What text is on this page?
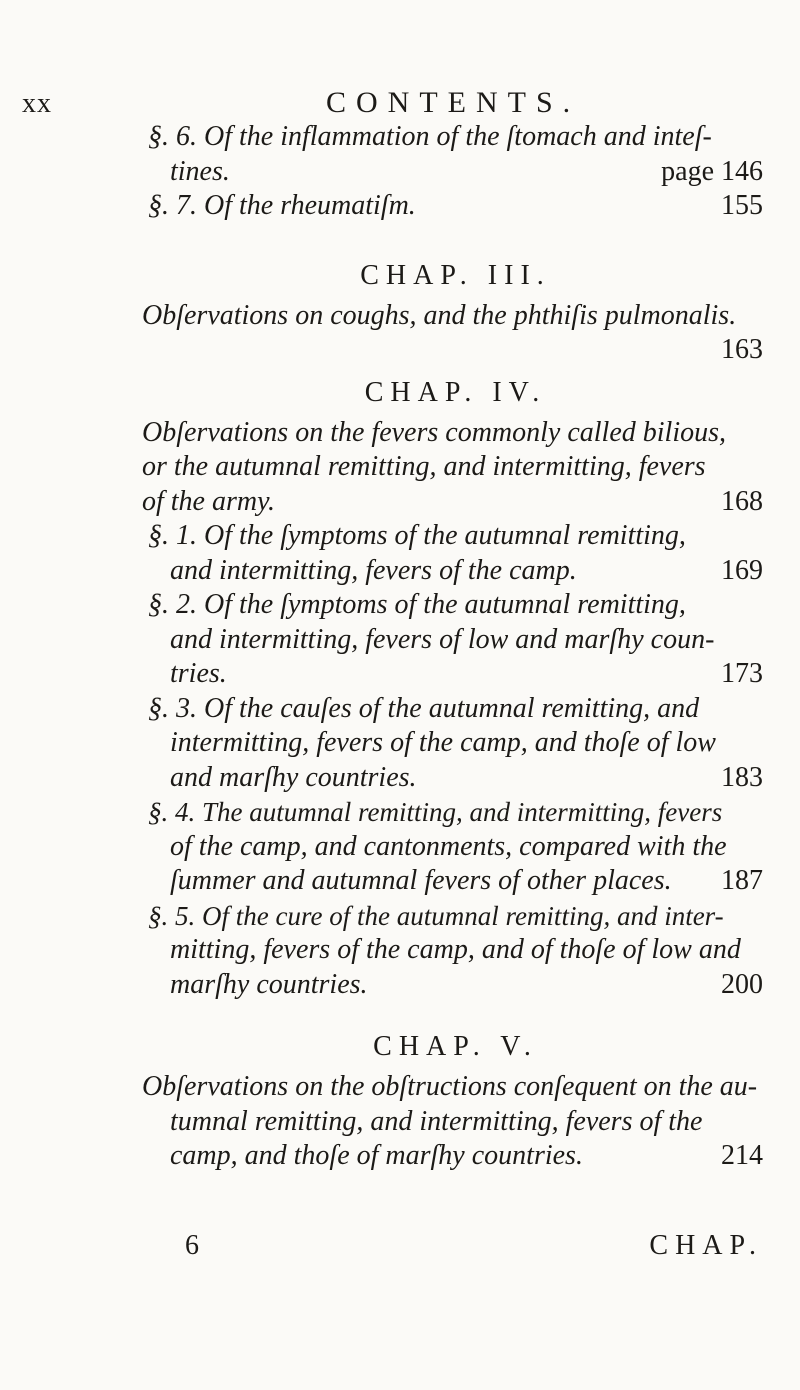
xx	CONTENTS.
§. 6. Of the inflammation of the ſtomach and inteſ-
tines.	page 146
§. 7. Of the rheumatiſm.	155
CHAP. III.
Obſervations on coughs, and the phthiſis pulmonalis.
163

CHAP. IV.
Obſervations on the fevers commonly called bilious,
or the autumnal remitting, and intermitting, fevers
of the army.	168
§. 1. Of the ſymptoms of the autumnal remitting,
and intermitting, fevers of the camp.	169
§. 2. Of the ſymptoms of the autumnal remitting,
and intermitting, fevers of low and marſhy coun-
tries.	173
§. 3. Of the cauſes of the autumnal remitting, and
intermitting, fevers of the camp, and thoſe of low
and marſhy countries.	183
§. 4. The autumnal remitting, and intermitting, fevers
of the camp, and cantonments, compared with the
ſummer and autumnal fevers of other places. 187
§. 5. Of the cure of the autumnal remitting, and inter-
mitting, fevers of the camp, and of thoſe of low and
marſhy countries.	200
CHAP. V.
Obſervations on the obſtructions conſequent on the au-
tumnal remitting, and intermitting, fevers of the
camp, and thoſe of marſhy countries.	214
6	CHAP.
